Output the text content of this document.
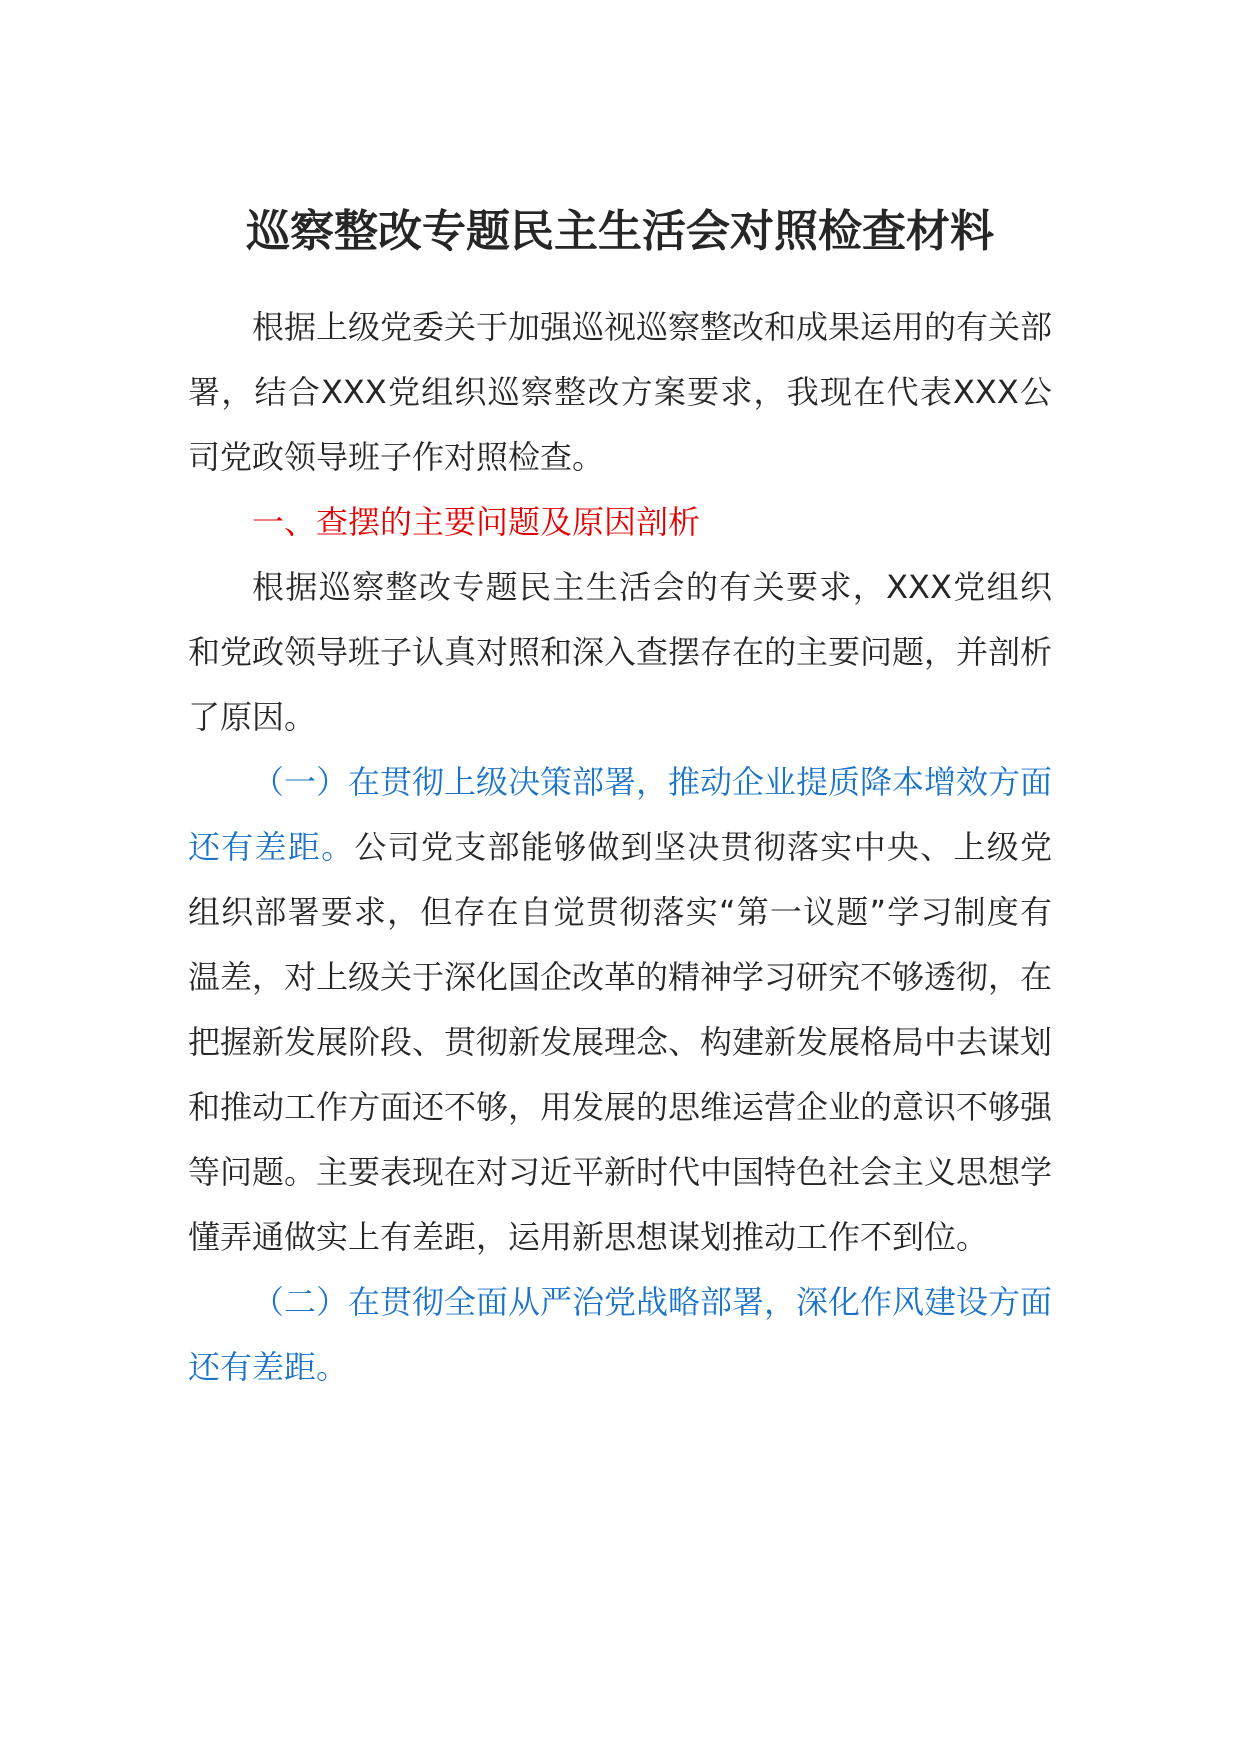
巡察整改专题民主生活会对照检查材料

根据上级党委关于加强巡视巡察整改和成果运用的有关部署，结合XXX党组织巡察整改方案要求，我现在代表XXX公司党政领导班子作对照检查。

一、查摆的主要问题及原因剖析

根据巡察整改专题民主生活会的有关要求，XXX党组织和党政领导班子认真对照和深入查摆存在的主要问题，并剖析了原因。

（一）在贯彻上级决策部署，推动企业提质降本增效方面还有差距。公司党支部能够做到坚决贯彻落实中央、上级党组织部署要求，但存在自觉贯彻落实“第一议题”学习制度有温差，对上级关于深化国企改革的精神学习研究不够透彻，在把握新发展阶段、贯彻新发展理念、构建新发展格局中去谋划和推动工作方面还不够，用发展的思维运营企业的意识不够强等问题。主要表现在对习近平新时代中国特色社会主义思想学懂弄通做实上有差距，运用新思想谋划推动工作不到位。

（二）在贯彻全面从严治党战略部署，深化作风建设方面还有差距。
